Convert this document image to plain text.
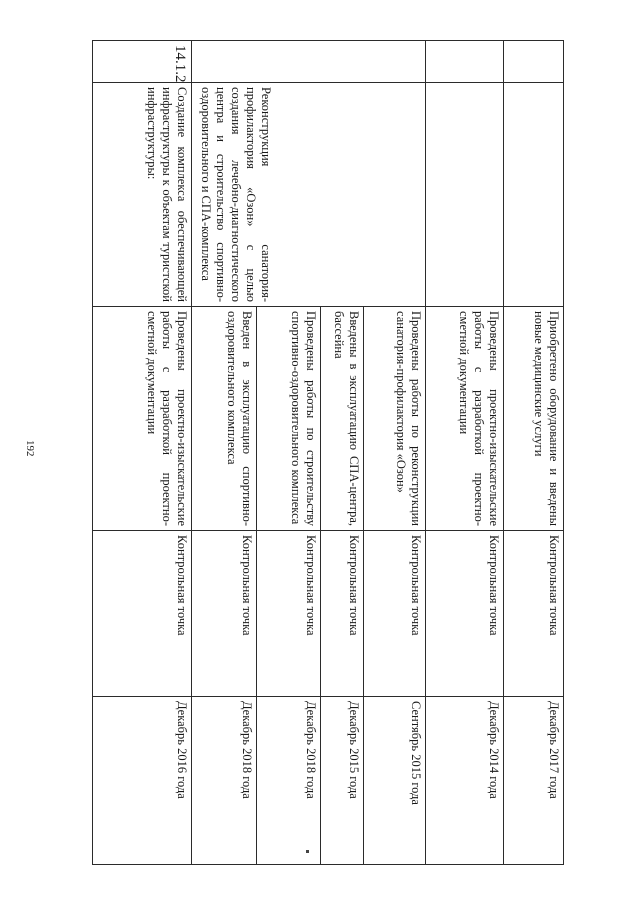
192
			Приобретено оборудование и введены новые медицинские услуги	Контрольная точка	Декабрь 2017 года
		Проведены проектно-изыскательские работы с разработкой проектно-сметной документации	Контрольная точка	Декабрь 2014 года
	Реконструкция санатория-профилактория «Озон» с целью создания лечебно-диагностического центра и строительство спортивно-оздоровительного и СПА-комплекса	Проведены работы по реконструкции санатория-профилактория «Озон»	Контрольная точка	Сентябрь 2015 года
		Введены в эксплуатацию СПА-центра, бассейна	Контрольная точка	Декабрь 2015 года
		Проведены работы по строительству спортивно-оздоровительного комплекса	Контрольная точка	Декабрь 2018 года
		Введен в эксплуатацию спортивно-оздоровительного комплекса	Контрольная точка	Декабрь 2018 года
14.1.2	Создание комплекса обеспечивающей инфраструктуры к объектам туристской инфраструктуры:	Проведены проектно-изыскательские работы с разработкой проектно-сметной документации	Контрольная точка	Декабрь 2016 года
